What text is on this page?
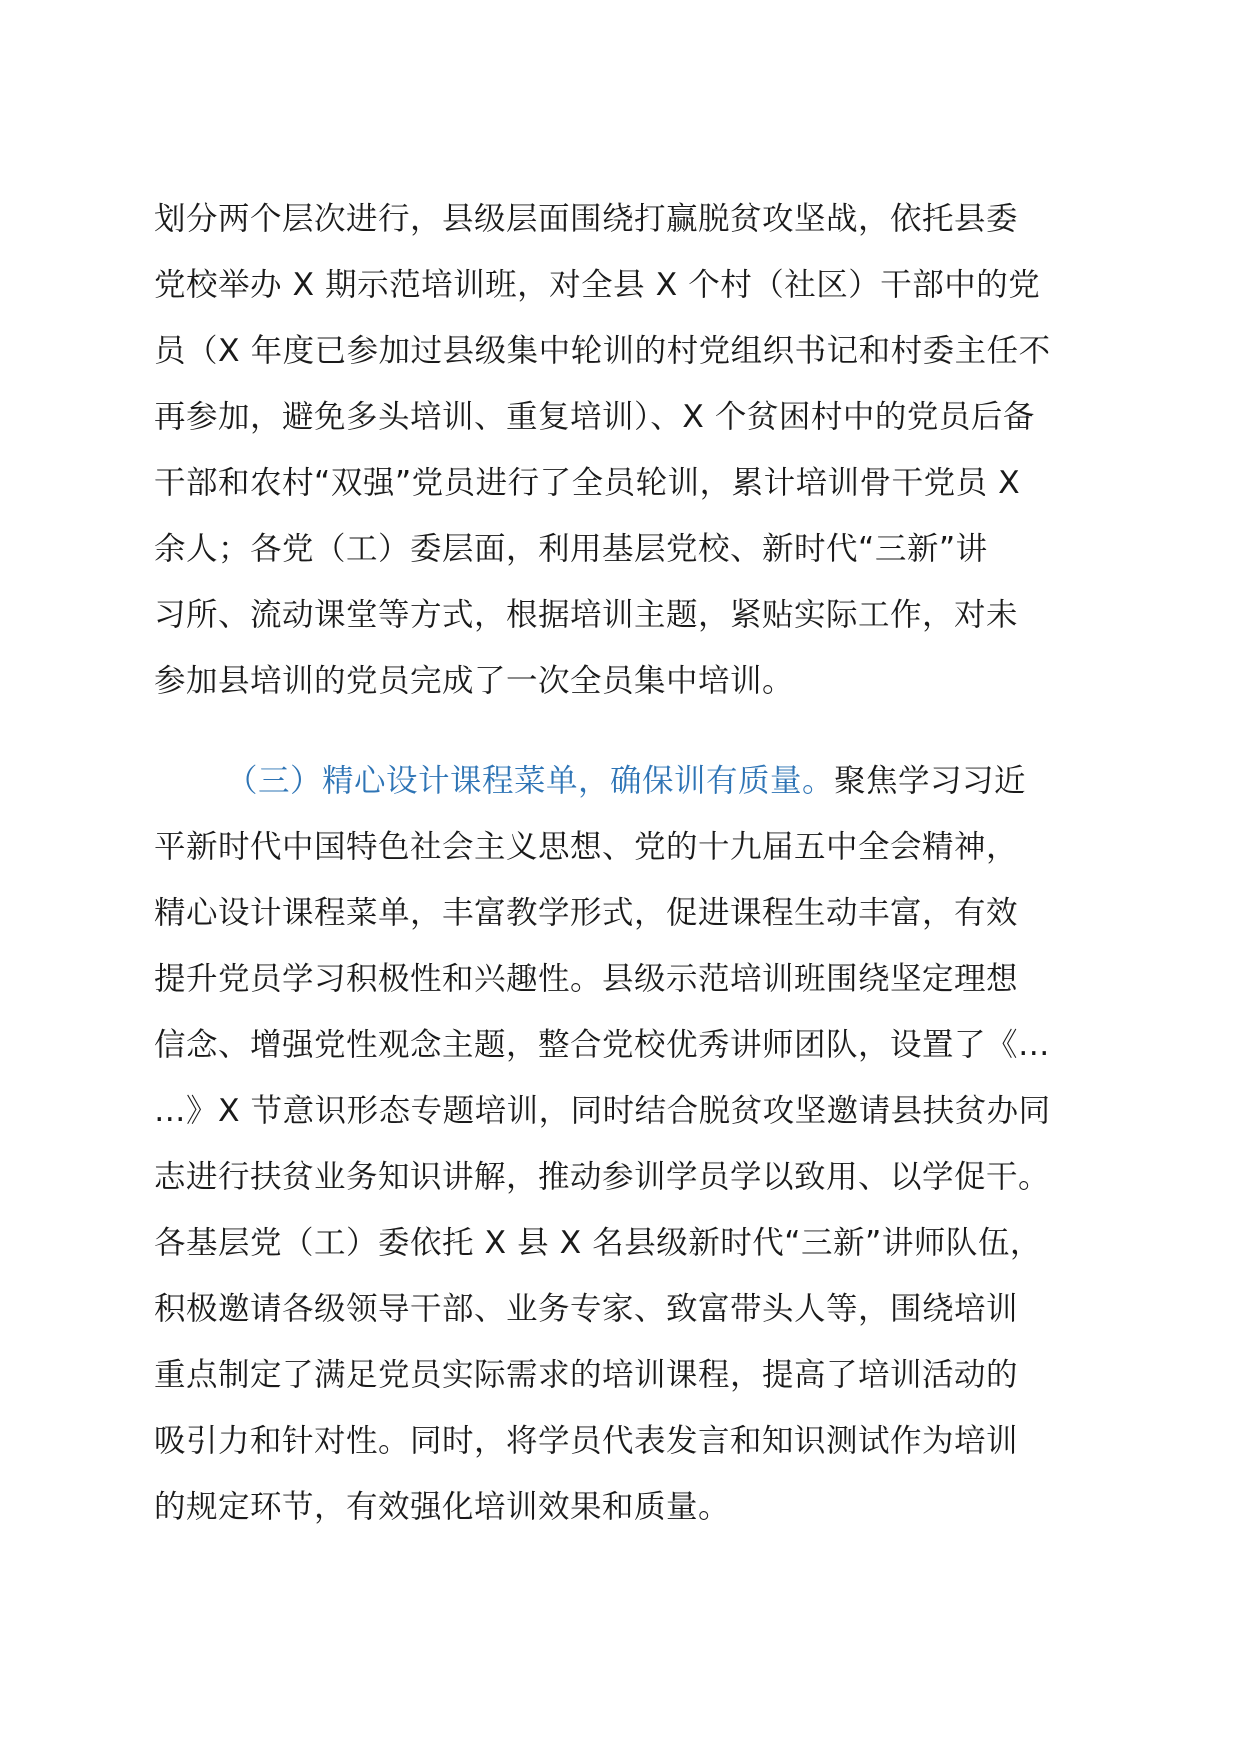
划分两个层次进行，县级层面围绕打赢脱贫攻坚战，依托县委
党校举办 X 期示范培训班，对全县 X 个村（社区）干部中的党
员（X 年度已参加过县级集中轮训的村党组织书记和村委主任不
再参加，避免多头培训、重复培训）、X 个贫困村中的党员后备
干部和农村“双强”党员进行了全员轮训，累计培训骨干党员 X
余人；各党（工）委层面，利用基层党校、新时代“三新”讲
习所、流动课堂等方式，根据培训主题，紧贴实际工作，对未
参加县培训的党员完成了一次全员集中培训。
（三）精心设计课程菜单，确保训有质量。聚焦学习习近
平新时代中国特色社会主义思想、党的十九届五中全会精神，
精心设计课程菜单，丰富教学形式，促进课程生动丰富，有效
提升党员学习积极性和兴趣性。县级示范培训班围绕坚定理想
信念、增强党性观念主题，整合党校优秀讲师团队，设置了《…
…》X 节意识形态专题培训，同时结合脱贫攻坚邀请县扶贫办同
志进行扶贫业务知识讲解，推动参训学员学以致用、以学促干。
各基层党（工）委依托 X 县 X 名县级新时代“三新”讲师队伍，
积极邀请各级领导干部、业务专家、致富带头人等，围绕培训
重点制定了满足党员实际需求的培训课程，提高了培训活动的
吸引力和针对性。同时，将学员代表发言和知识测试作为培训
的规定环节，有效强化培训效果和质量。
